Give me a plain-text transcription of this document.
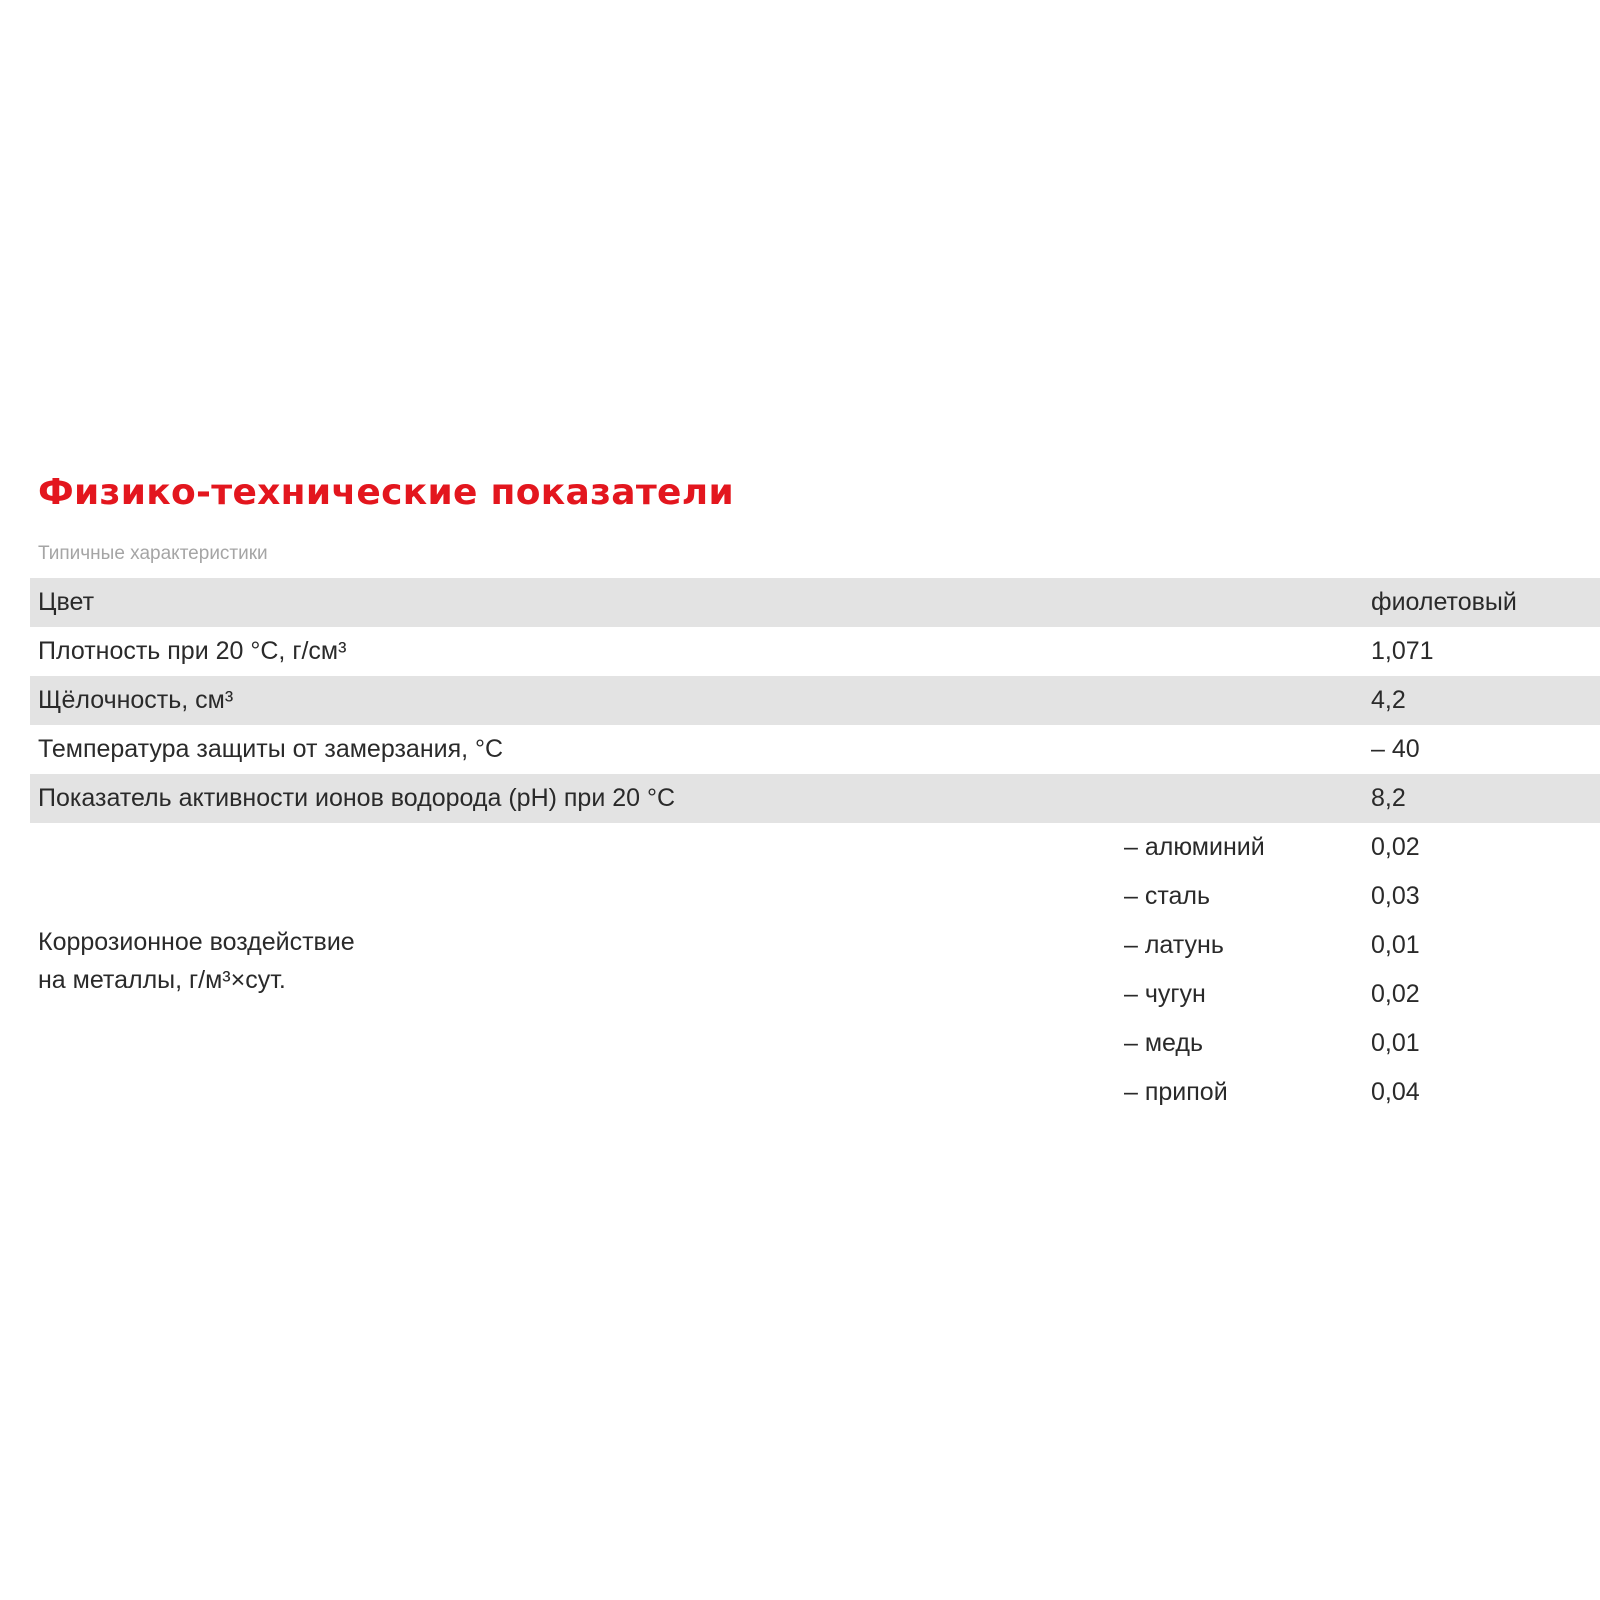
Физико-технические показатели
Типичные характеристики
Цвет	фиолетовый
Плотность при 20 °С, г/см³	1,071
Щёлочность, см³	4,2
Температура защиты от замерзания, °С	– 40
Показатель активности ионов водорода (рН) при 20 °С	8,2
Коррозионное воздействие
на металлы, г/м³×сут.
– алюминий	0,02
– сталь	0,03
– латунь	0,01
– чугун	0,02
– медь	0,01
– припой	0,04
